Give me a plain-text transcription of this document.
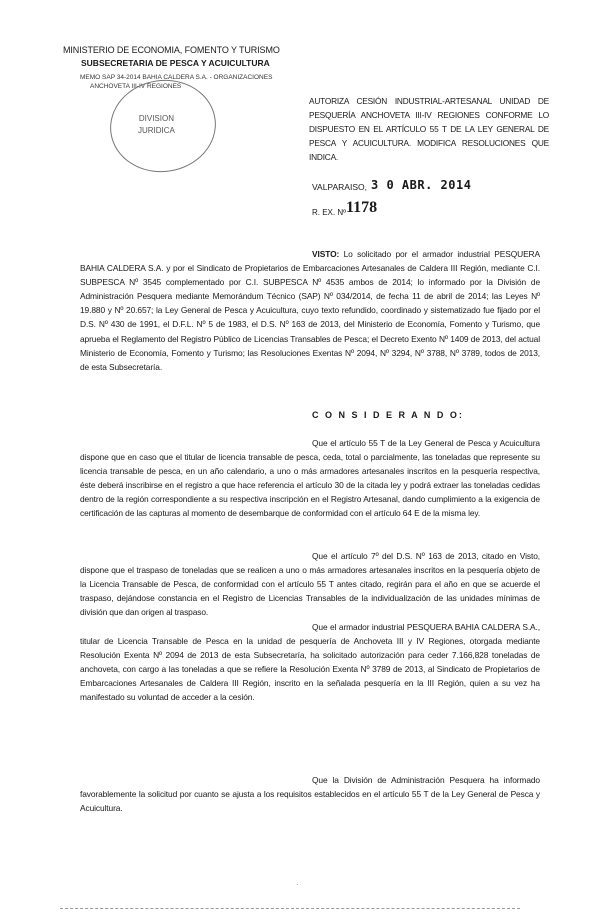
MINISTERIO DE ECONOMIA, FOMENTO Y TURISMO
SUBSECRETARIA DE PESCA Y ACUICULTURA
MEMO SAP 34-2014 BAHIA CALDERA S.A. - ORGANIZACIONES
ANCHOVETA III-IV REGIONES
DIVISION
JURIDICA
AUTORIZA CESIÓN INDUSTRIAL-ARTESANAL UNIDAD DE PESQUERÍA ANCHOVETA III-IV REGIONES CONFORME LO DISPUESTO EN EL ARTÍCULO 55 T DE LA LEY GENERAL DE PESCA Y ACUICULTURA. MODIFICA RESOLUCIONES QUE INDICA.
VALPARAISO, 3 0 ABR. 2014
R. EX. Nº 1178

VISTO: Lo solicitado por el armador industrial PESQUERA BAHIA CALDERA S.A. y por el Sindicato de Propietarios de Embarcaciones Artesanales de Caldera III Región, mediante C.I. SUBPESCA Nº 3545 complementado por C.I. SUBPESCA Nº 4535 ambos de 2014; lo informado por la División de Administración Pesquera mediante Memorándum Técnico (SAP) Nº 034/2014, de fecha 11 de abril de 2014; las Leyes Nº 19.880 y Nº 20.657; la Ley General de Pesca y Acuicultura, cuyo texto refundido, coordinado y sistematizado fue fijado por el D.S. Nº 430 de 1991, el D.F.L. Nº 5 de 1983, el D.S. Nº 163 de 2013, del Ministerio de Economía, Fomento y Turismo, que aprueba el Reglamento del Registro Público de Licencias Transables de Pesca; el Decreto Exento Nº 1409 de 2013, del actual Ministerio de Economía, Fomento y Turismo; las Resoluciones Exentas Nº 2094, Nº 3294, Nº 3788, Nº 3789, todos de 2013, de esta Subsecretaría.

C O N S I D E R A N D O:

Que el artículo 55 T de la Ley General de Pesca y Acuicultura dispone que en caso que el titular de licencia transable de pesca, ceda, total o parcialmente, las toneladas que represente su licencia transable de pesca, en un año calendario, a uno o más armadores artesanales inscritos en la pesquería respectiva, éste deberá inscribirse en el registro a que hace referencia el artículo 30 de la citada ley y podrá extraer las toneladas cedidas dentro de la región correspondiente a su respectiva inscripción en el Registro Artesanal, dando cumplimiento a la exigencia de certificación de las capturas al momento de desembarque de conformidad con el artículo 64 E de la misma ley.

Que el artículo 7º del D.S. Nº 163 de 2013, citado en Visto, dispone que el traspaso de toneladas que se realicen a uno o más armadores artesanales inscritos en la pesquería objeto de la Licencia Transable de Pesca, de conformidad con el artículo 55 T antes citado, regirán para el año en que se acuerde el traspaso, dejándose constancia en el Registro de Licencias Transables de la individualización de las unidades mínimas de división que dan origen al traspaso.

Que el armador industrial PESQUERA BAHIA CALDERA S.A., titular de Licencia Transable de Pesca en la unidad de pesquería de Anchoveta III y IV Regiones, otorgada mediante Resolución Exenta Nº 2094 de 2013 de esta Subsecretaría, ha solicitado autorización para ceder 7.166,828 toneladas de anchoveta, con cargo a las toneladas a que se refiere la Resolución Exenta Nº 3789 de 2013, al Sindicato de Propietarios de Embarcaciones Artesanales de Caldera III Región, inscrito en la señalada pesquería en la III Región, quien a su vez ha manifestado su voluntad de acceder a la cesión.

Que la División de Administración Pesquera ha informado favorablemente la solicitud por cuanto se ajusta a los requisitos establecidos en el artículo 55 T de la Ley General de Pesca y Acuicultura.

·
